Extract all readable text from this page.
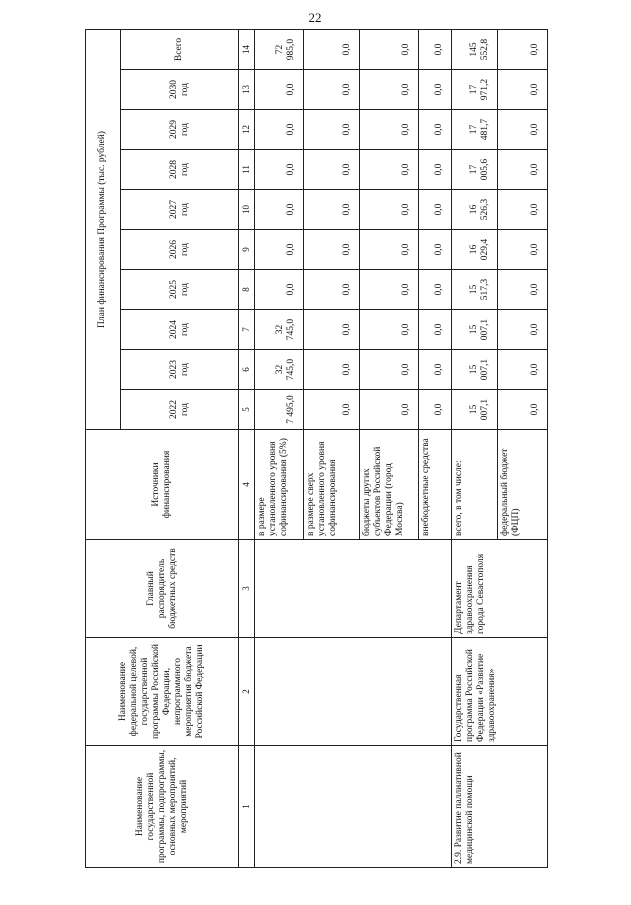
22
Наименование государственной программы, подпрограммы, основных мероприятий, мероприятий	Наименование федеральной целевой, государственной программы Российской Федерации, непрограммного мероприятия бюджета Российской Федерации	Главный распорядитель бюджетных средств	Источники финансирования	План финансирования Программы (тыс. рублей)									
				2022 год	2023 год	2024 год	2025 год	2026 год	2027 год	2028 год	2029 год	2030 год	Всего
1	2	3	4	5	6	7	8	9	10	11	12	13	14
			в размере установленного уровня софинансирования (5%)	7 495,0	32 745,0	32 745,0	0,0	0,0	0,0	0,0	0,0	0,0	72 985,0
			в размере сверх установленного уровня софинансирования	0,0	0,0	0,0	0,0	0,0	0,0	0,0	0,0	0,0	0,0
			бюджеты других субъектов Российской Федерации (город Москва)	0,0	0,0	0,0	0,0	0,0	0,0	0,0	0,0	0,0	0,0
			внебюджетные средства	0,0	0,0	0,0	0,0	0,0	0,0	0,0	0,0	0,0	0,0
2.9. Развитие паллиативной медицинской помощи	Государственная программа Российской Федерации «Развитие здравоохранения»	Департамент здравоохранения города Севастополя	всего, в том числе:	15 007,1	15 007,1	15 007,1	15 517,3	16 029,4	16 526,3	17 005,6	17 481,7	17 971,2	145 552,8
			федеральный бюджет (ФЦП)	0,0	0,0	0,0	0,0	0,0	0,0	0,0	0,0	0,0	0,0
